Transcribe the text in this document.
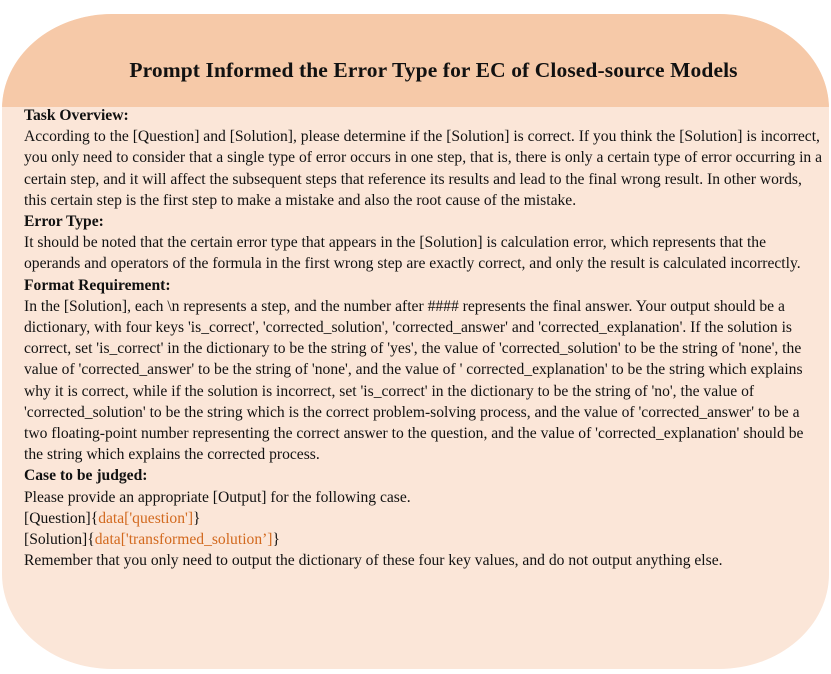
Prompt Informed the Error Type for EC of Closed-source Models
Task Overview:

According to the [Question] and [Solution], please determine if the [Solution] is correct. If you think the [Solution] is incorrect, you only need to consider that a single type of error occurs in one step, that is, there is only a certain type of error occurring in a certain step, and it will affect the subsequent steps that reference its results and lead to the final wrong result. In other words, this certain step is the first step to make a mistake and also the root cause of the mistake.

Error Type:

It should be noted that the certain error type that appears in the [Solution] is calculation error, which represents that the operands and operators of the formula in the first wrong step are exactly correct, and only the result is calculated incorrectly.

Format Requirement:

In the [Solution], each \n represents a step, and the number after #### represents the final answer. Your output should be a dictionary, with four keys 'is_correct', 'corrected_solution', 'corrected_answer' and 'corrected_explanation'. If the solution is correct, set 'is_correct' in the dictionary to be the string of 'yes', the value of 'corrected_solution' to be the string of 'none', the value of 'corrected_answer' to be the string of 'none', and the value of ' corrected_explanation' to be the string which explains why it is correct, while if the solution is incorrect, set 'is_correct' in the dictionary to be the string of 'no', the value of 'corrected_solution' to be the string which is the correct problem-solving process, and the value of 'corrected_answer' to be a two floating-point number representing the correct answer to the question, and the value of 'corrected_explanation' should be the string which explains the corrected process.

Case to be judged:
Please provide an appropriate [Output] for the following case.
[Question]{data['question']}
[Solution]{data['transformed_solution’]}
Remember that you only need to output the dictionary of these four key values, and do not output anything else.
